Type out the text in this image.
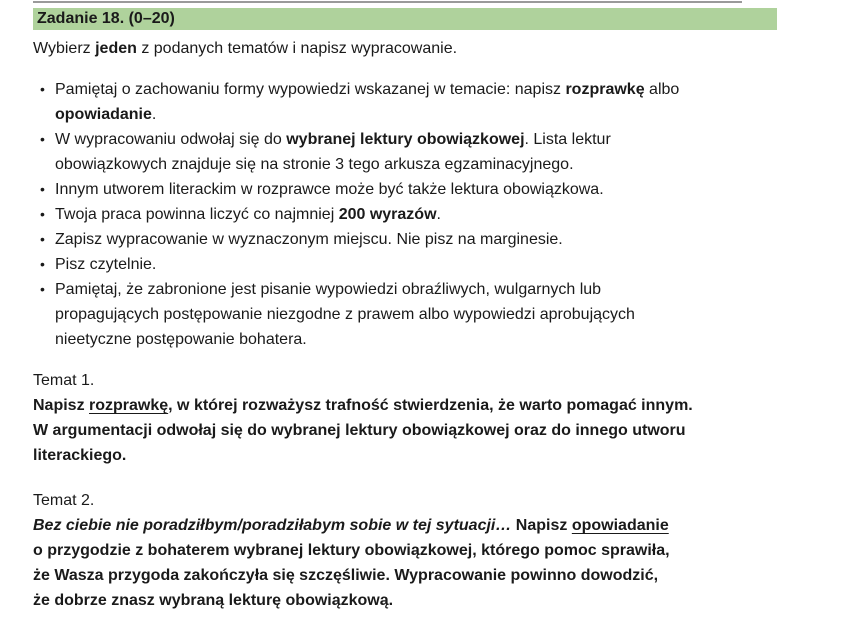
Zadanie 18. (0–20)
Wybierz jeden z podanych tematów i napisz wypracowanie.
• Pamiętaj o zachowaniu formy wypowiedzi wskazanej w temacie: napisz rozprawkę albo
opowiadanie.
• W wypracowaniu odwołaj się do wybranej lektury obowiązkowej. Lista lektur
obowiązkowych znajduje się na stronie 3 tego arkusza egzaminacyjnego.
• Innym utworem literackim w rozprawce może być także lektura obowiązkowa.
• Twoja praca powinna liczyć co najmniej 200 wyrazów.
• Zapisz wypracowanie w wyznaczonym miejscu. Nie pisz na marginesie.
• Pisz czytelnie.
• Pamiętaj, że zabronione jest pisanie wypowiedzi obraźliwych, wulgarnych lub
propagujących postępowanie niezgodne z prawem albo wypowiedzi aprobujących
nieetyczne postępowanie bohatera.
Temat 1.
Napisz rozprawkę, w której rozważysz trafność stwierdzenia, że warto pomagać innym.
W argumentacji odwołaj się do wybranej lektury obowiązkowej oraz do innego utworu
literackiego.
Temat 2.
Bez ciebie nie poradziłbym/poradziłabym sobie w tej sytuacji… Napisz opowiadanie
o przygodzie z bohaterem wybranej lektury obowiązkowej, którego pomoc sprawiła,
że Wasza przygoda zakończyła się szczęśliwie. Wypracowanie powinno dowodzić,
że dobrze znasz wybraną lekturę obowiązkową.
